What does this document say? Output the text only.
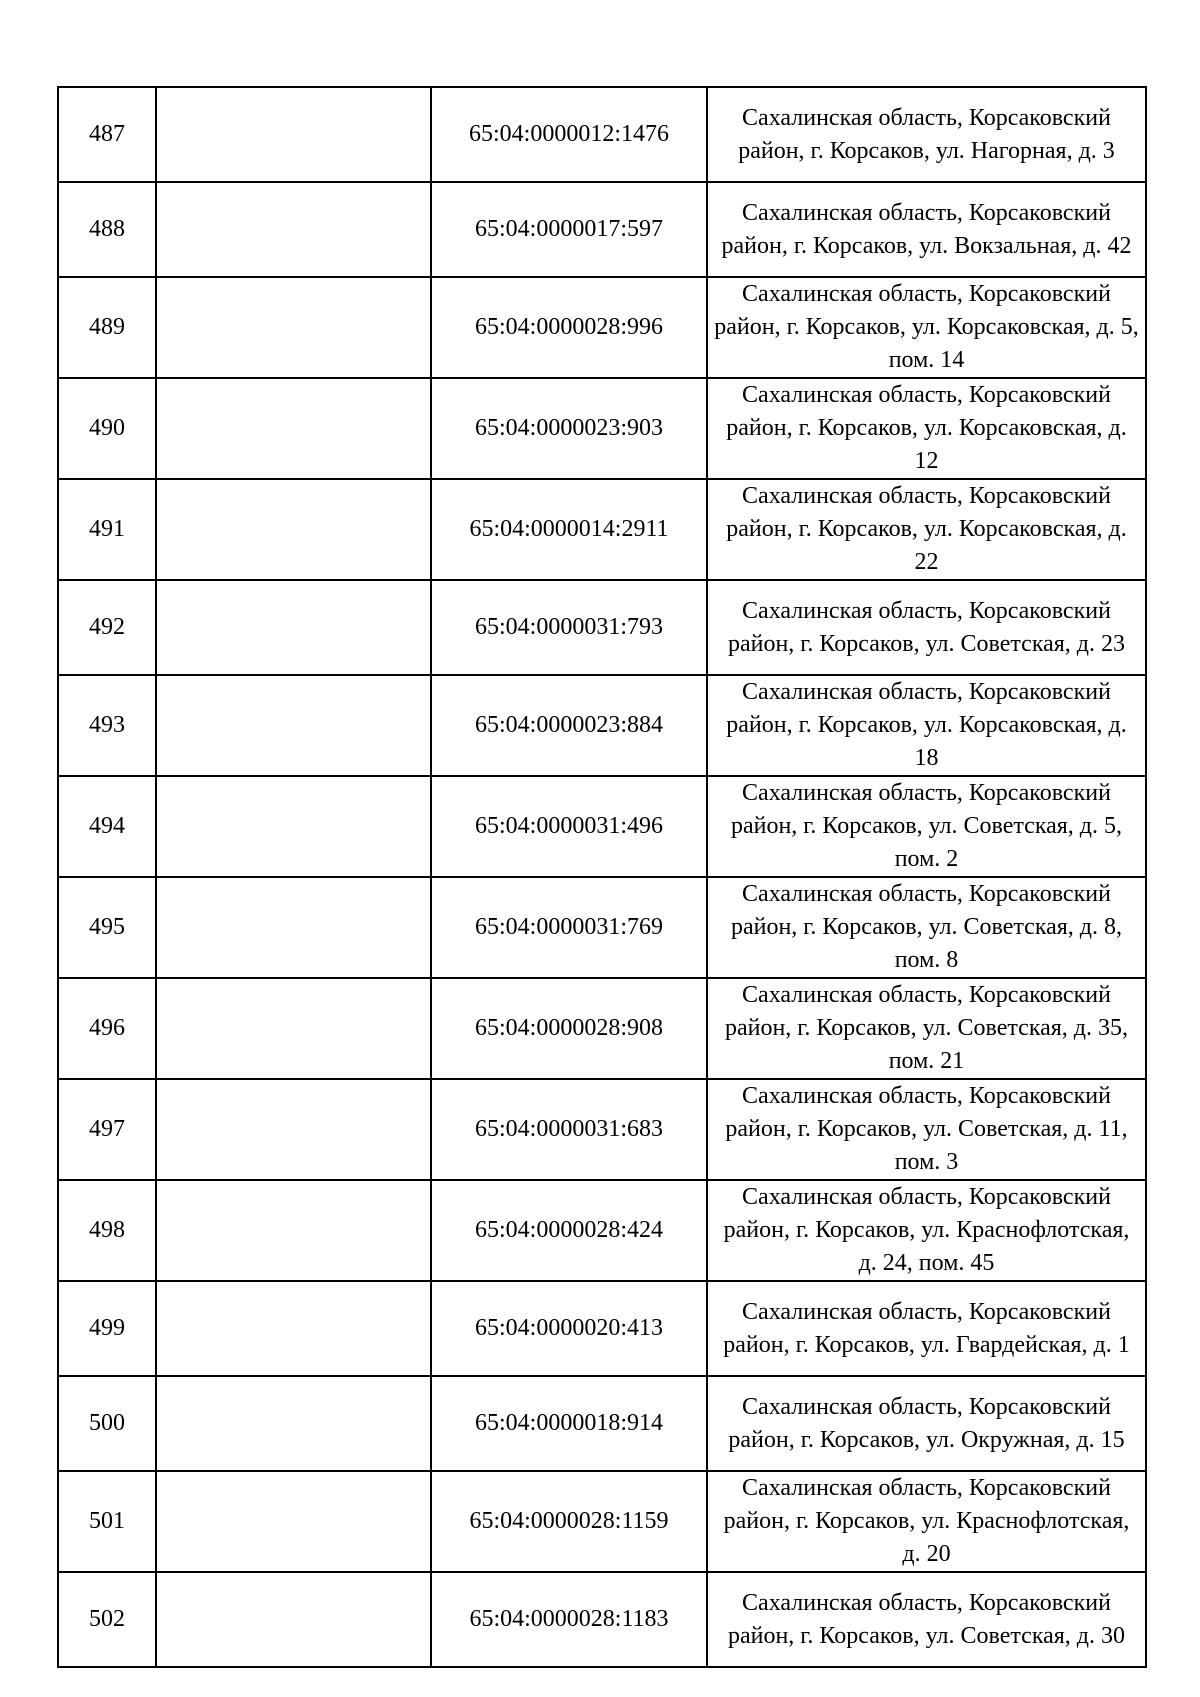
487		65:04:0000012:1476	Сахалинская область, Корсаковский район, г. Корсаков, ул. Нагорная, д. 3
488		65:04:0000017:597	Сахалинская область, Корсаковский район, г. Корсаков, ул. Вокзальная, д. 42
489		65:04:0000028:996	Сахалинская область, Корсаковский район, г. Корсаков, ул. Корсаковская, д. 5, пом. 14
490		65:04:0000023:903	Сахалинская область, Корсаковский район, г. Корсаков, ул. Корсаковская, д. 12
491		65:04:0000014:2911	Сахалинская область, Корсаковский район, г. Корсаков, ул. Корсаковская, д. 22
492		65:04:0000031:793	Сахалинская область, Корсаковский район, г. Корсаков, ул. Советская, д. 23
493		65:04:0000023:884	Сахалинская область, Корсаковский район, г. Корсаков, ул. Корсаковская, д. 18
494		65:04:0000031:496	Сахалинская область, Корсаковский район, г. Корсаков, ул. Советская, д. 5, пом. 2
495		65:04:0000031:769	Сахалинская область, Корсаковский район, г. Корсаков, ул. Советская, д. 8, пом. 8
496		65:04:0000028:908	Сахалинская область, Корсаковский район, г. Корсаков, ул. Советская, д. 35, пом. 21
497		65:04:0000031:683	Сахалинская область, Корсаковский район, г. Корсаков, ул. Советская, д. 11, пом. 3
498		65:04:0000028:424	Сахалинская область, Корсаковский район, г. Корсаков, ул. Краснофлотская, д. 24, пом. 45
499		65:04:0000020:413	Сахалинская область, Корсаковский район, г. Корсаков, ул. Гвардейская, д. 1
500		65:04:0000018:914	Сахалинская область, Корсаковский район, г. Корсаков, ул. Окружная, д. 15
501		65:04:0000028:1159	Сахалинская область, Корсаковский район, г. Корсаков, ул. Краснофлотская, д. 20
502		65:04:0000028:1183	Сахалинская область, Корсаковский район, г. Корсаков, ул. Советская, д. 30
